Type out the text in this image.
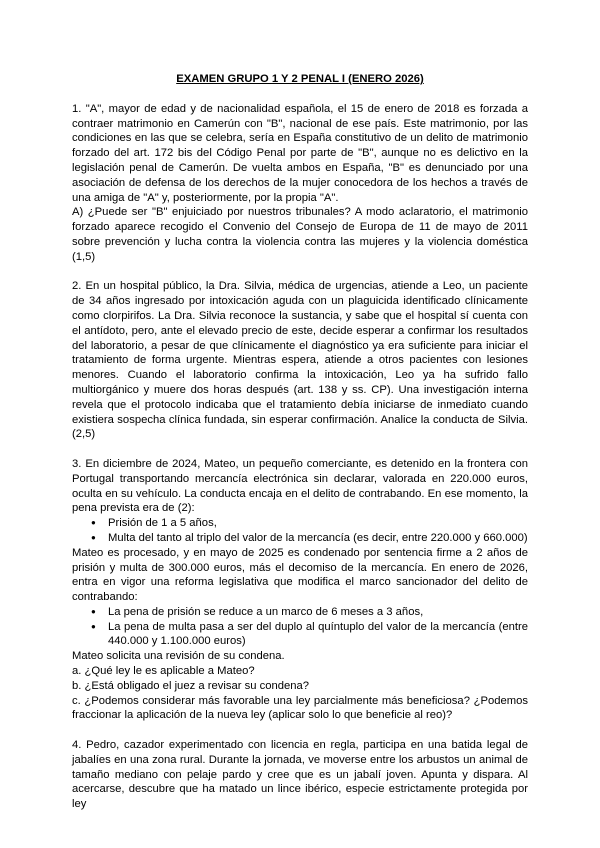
EXAMEN GRUPO 1 Y 2 PENAL I (ENERO 2026)

1. "A", mayor de edad y de nacionalidad española, el 15 de enero de 2018 es forzada a contraer matrimonio en Camerún con "B", nacional de ese país. Este matrimonio, por las condiciones en las que se celebra, sería en España constitutivo de un delito de matrimonio forzado del art. 172 bis del Código Penal por parte de "B", aunque no es delictivo en la legislación penal de Camerún. De vuelta ambos en España, "B" es denunciado por una asociación de defensa de los derechos de la mujer conocedora de los hechos a través de una amiga de "A" y, posteriormente, por la propia "A".

A) ¿Puede ser "B" enjuiciado por nuestros tribunales? A modo aclaratorio, el matrimonio forzado aparece recogido el Convenio del Consejo de Europa de 11 de mayo de 2011 sobre prevención y lucha contra la violencia contra las mujeres y la violencia doméstica (1,5)

2. En un hospital público, la Dra. Silvia, médica de urgencias, atiende a Leo, un paciente de 34 años ingresado por intoxicación aguda con un plaguicida identificado clínicamente como clorpirifos. La Dra. Silvia reconoce la sustancia, y sabe que el hospital sí cuenta con el antídoto, pero, ante el elevado precio de este, decide esperar a confirmar los resultados del laboratorio, a pesar de que clínicamente el diagnóstico ya era suficiente para iniciar el tratamiento de forma urgente. Mientras espera, atiende a otros pacientes con lesiones menores. Cuando el laboratorio confirma la intoxicación, Leo ya ha sufrido fallo multiorgánico y muere dos horas después (art. 138 y ss. CP). Una investigación interna revela que el protocolo indicaba que el tratamiento debía iniciarse de inmediato cuando existiera sospecha clínica fundada, sin esperar confirmación. Analice la conducta de Silvia. (2,5)

3. En diciembre de 2024, Mateo, un pequeño comerciante, es detenido en la frontera con Portugal transportando mercancía electrónica sin declarar, valorada en 220.000 euros, oculta en su vehículo. La conducta encaja en el delito de contrabando. En ese momento, la pena prevista era de (2):

● Prisión de 1 a 5 años,
● Multa del tanto al triplo del valor de la mercancía (es decir, entre 220.000 y 660.000)

Mateo es procesado, y en mayo de 2025 es condenado por sentencia firme a 2 años de prisión y multa de 300.000 euros, más el decomiso de la mercancía. En enero de 2026, entra en vigor una reforma legislativa que modifica el marco sancionador del delito de contrabando:

● La pena de prisión se reduce a un marco de 6 meses a 3 años,
● La pena de multa pasa a ser del duplo al quíntuplo del valor de la mercancía (entre 440.000 y 1.100.000 euros)

Mateo solicita una revisión de su condena.

a. ¿Qué ley le es aplicable a Mateo?

b. ¿Está obligado el juez a revisar su condena?

c. ¿Podemos considerar más favorable una ley parcialmente más beneficiosa? ¿Podemos fraccionar la aplicación de la nueva ley (aplicar solo lo que beneficie al reo)?

4. Pedro, cazador experimentado con licencia en regla, participa en una batida legal de jabalíes en una zona rural. Durante la jornada, ve moverse entre los arbustos un animal de tamaño mediano con pelaje pardo y cree que es un jabalí joven. Apunta y dispara. Al acercarse, descubre que ha matado un lince ibérico, especie estrictamente protegida por ley
